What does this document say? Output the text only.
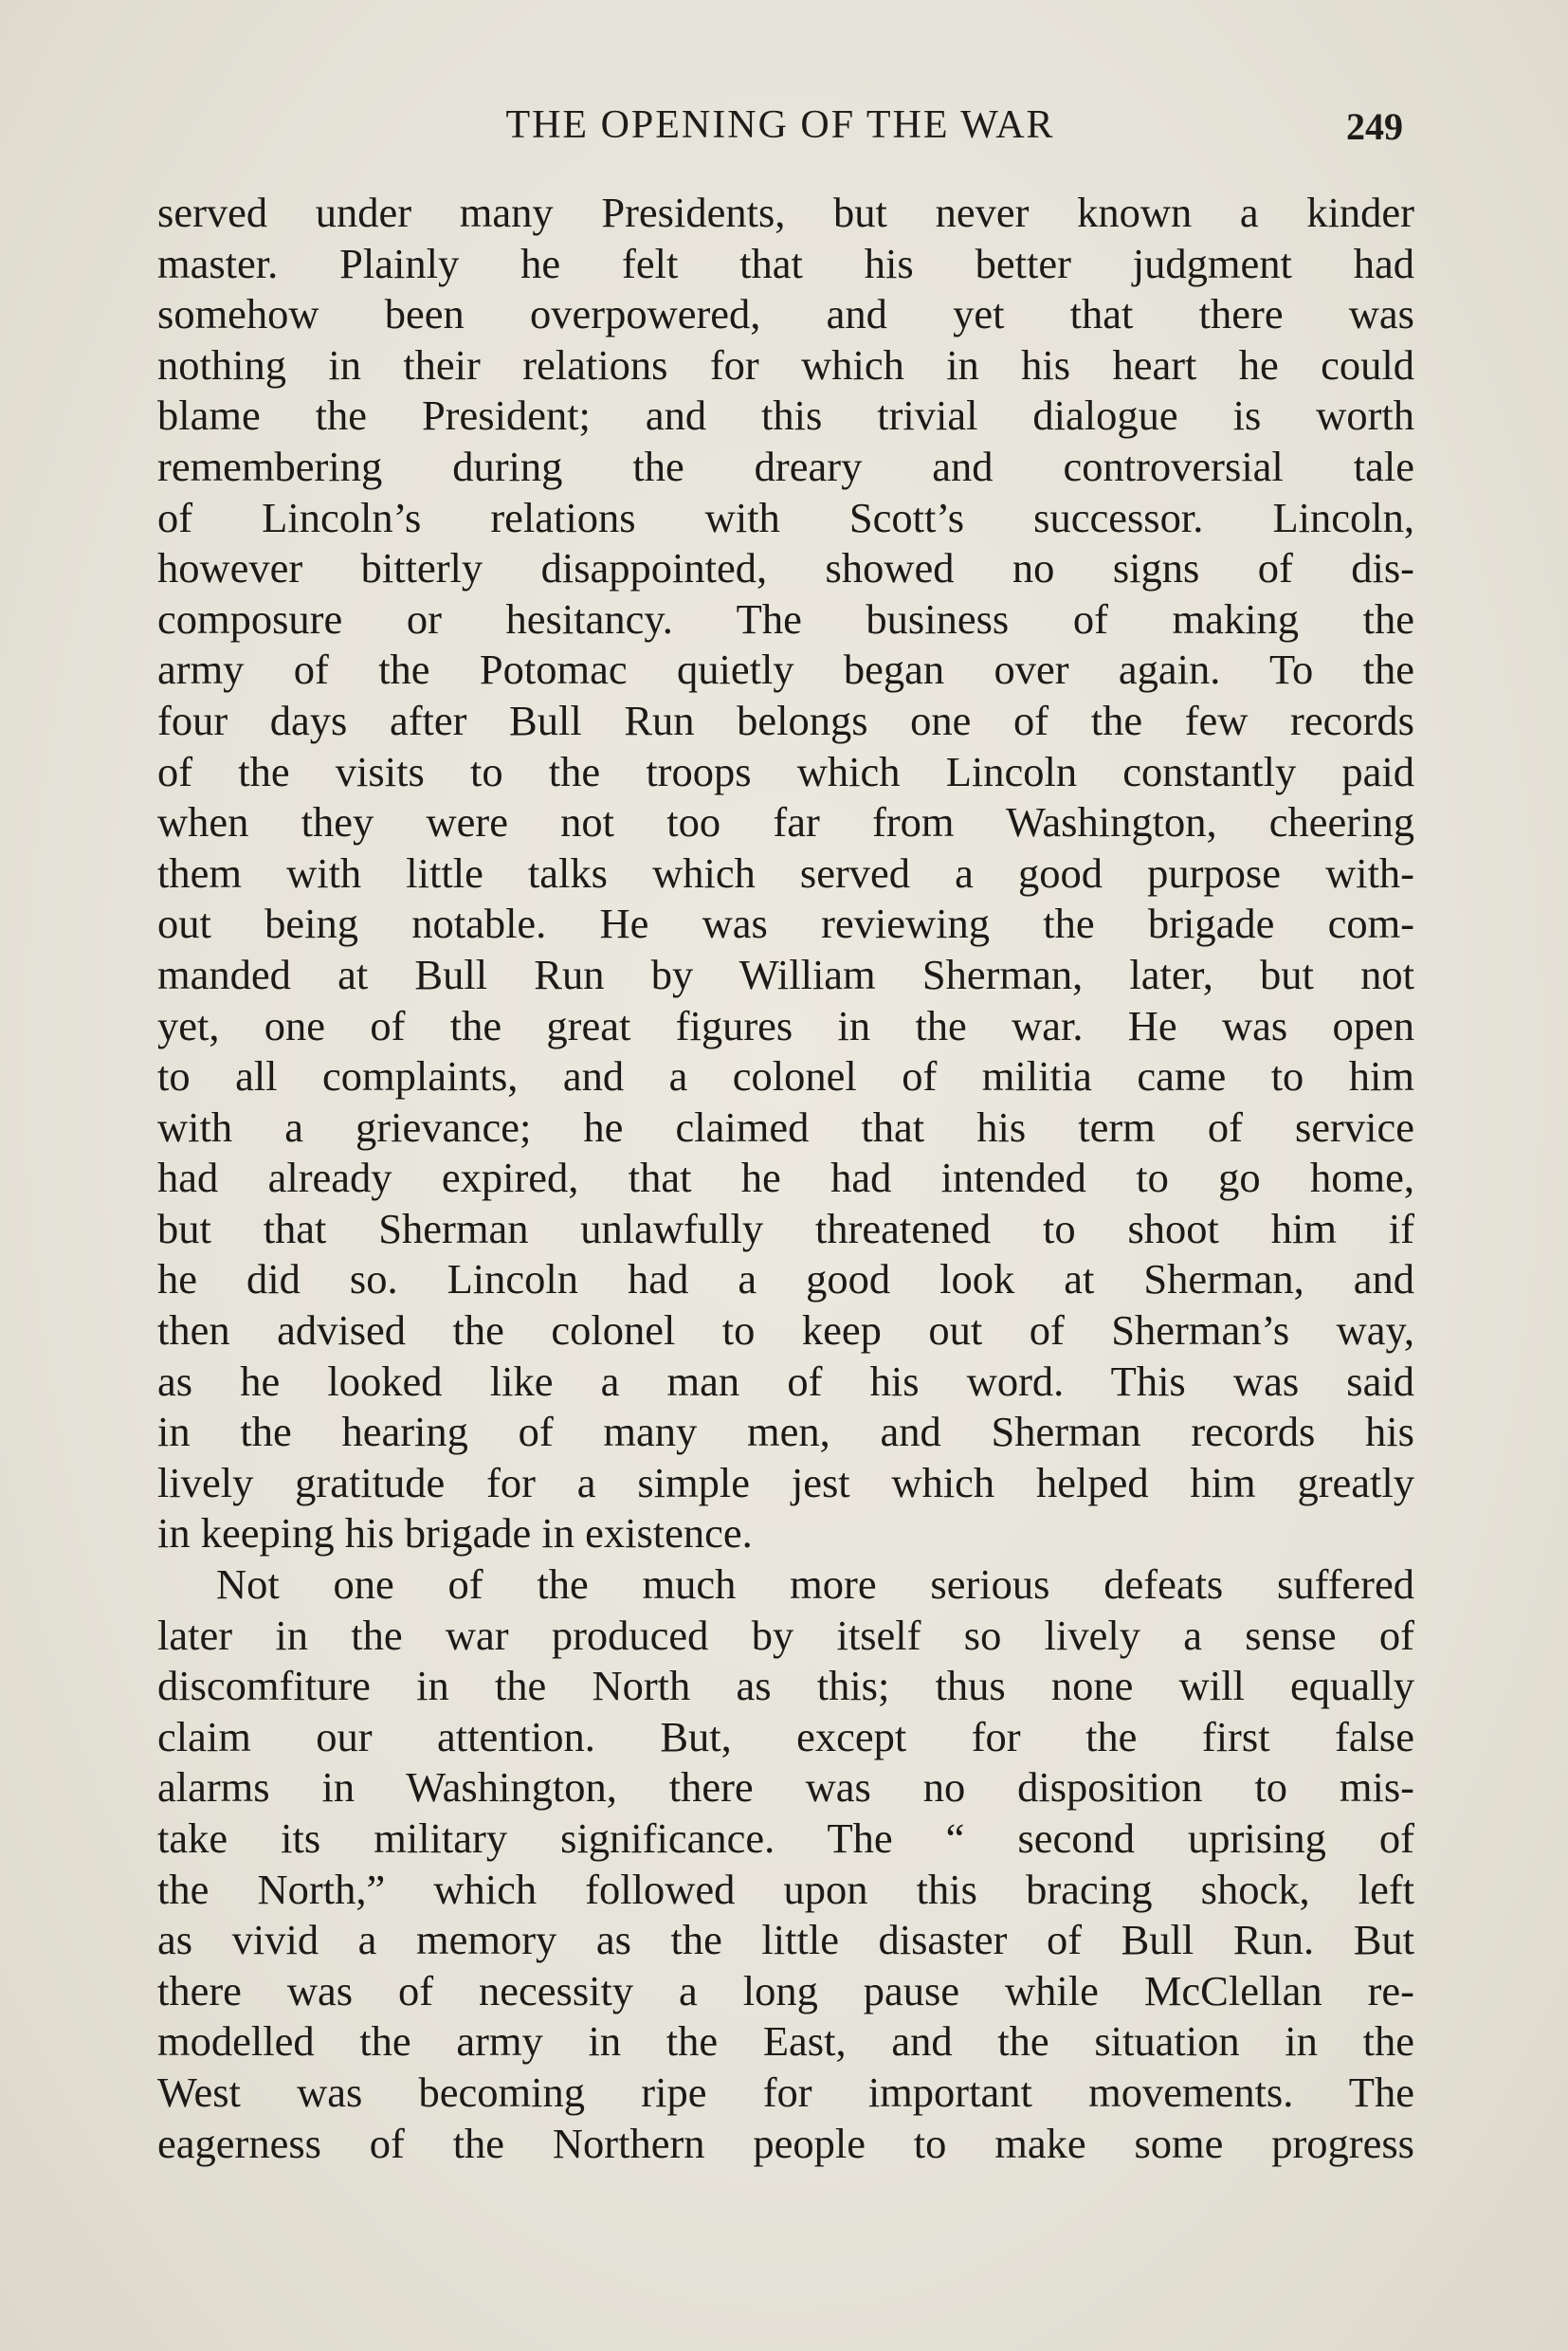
THE OPENING OF THE WAR	249
served under many Presidents, but never known a kinder
master. Plainly he felt that his better judgment had
somehow been overpowered, and yet that there was
nothing in their relations for which in his heart he could
blame the President; and this trivial dialogue is worth
remembering during the dreary and controversial tale
of Lincoln’s relations with Scott’s successor. Lincoln,
however bitterly disappointed, showed no signs of dis-
composure or hesitancy. The business of making the
army of the Potomac quietly began over again. To the
four days after Bull Run belongs one of the few records
of the visits to the troops which Lincoln constantly paid
when they were not too far from Washington, cheering
them with little talks which served a good purpose with-
out being notable. He was reviewing the brigade com-
manded at Bull Run by William Sherman, later, but not
yet, one of the great figures in the war. He was open
to all complaints, and a colonel of militia came to him
with a grievance; he claimed that his term of service
had already expired, that he had intended to go home,
but that Sherman unlawfully threatened to shoot him if
he did so. Lincoln had a good look at Sherman, and
then advised the colonel to keep out of Sherman’s way,
as he looked like a man of his word. This was said
in the hearing of many men, and Sherman records his
lively gratitude for a simple jest which helped him greatly
in keeping his brigade in existence.
Not one of the much more serious defeats suffered
later in the war produced by itself so lively a sense of
discomfiture in the North as this; thus none will equally
claim our attention. But, except for the first false
alarms in Washington, there was no disposition to mis-
take its military significance. The “ second uprising of
the North,” which followed upon this bracing shock, left
as vivid a memory as the little disaster of Bull Run. But
there was of necessity a long pause while McClellan re-
modelled the army in the East, and the situation in the
West was becoming ripe for important movements. The
eagerness of the Northern people to make some progress
